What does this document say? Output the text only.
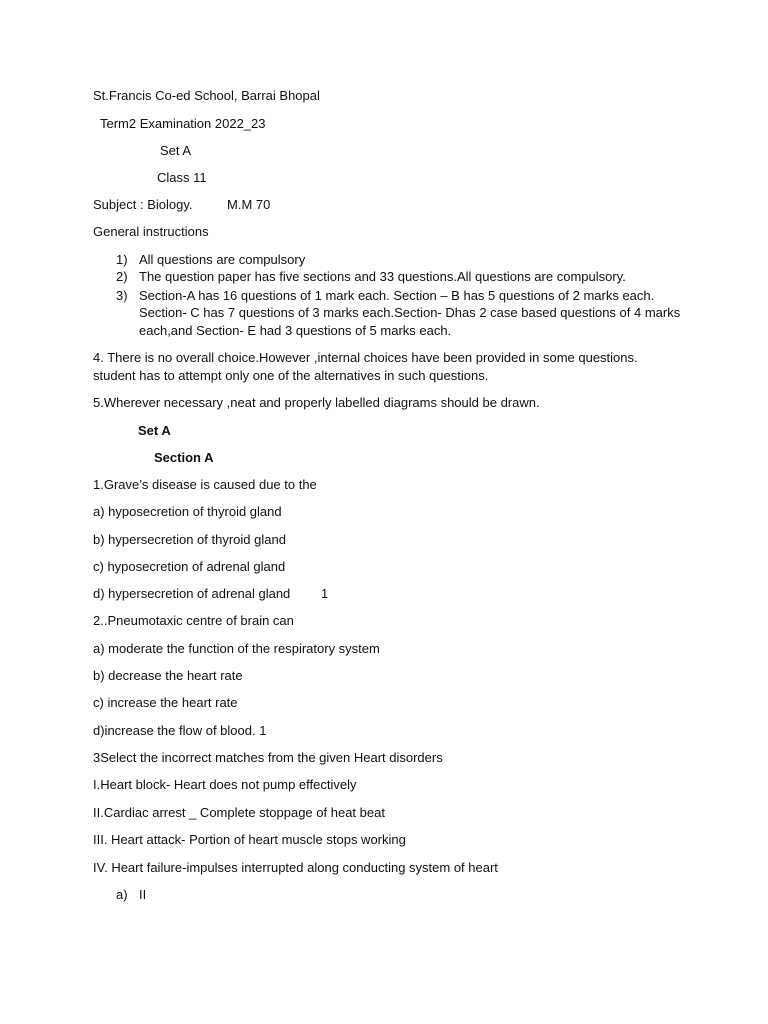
St.Francis Co-ed School, Barrai Bhopal
Term2 Examination 2022_23
Set A
Class 11
Subject : Biology.	M.M 70
General instructions
1) All questions are compulsory
2) The question paper has five sections and 33 questions.All questions are compulsory.
3) Section-A has 16 questions of 1 mark each. Section – B has 5 questions of 2 marks each.
Section- C has 7 questions of 3 marks each.Section- Dhas 2 case based questions of 4 marks
each,and Section- E had 3 questions of 5 marks each.
4. There is no overall choice.However ,internal choices have been provided in some questions.
student has to attempt only one of the alternatives in such questions.
5.Wherever necessary ,neat and properly labelled diagrams should be drawn.
Set A
Section A
1.Grave’s disease is caused due to the
a) hyposecretion of thyroid gland
b) hypersecretion of thyroid gland
c) hyposecretion of adrenal gland
d) hypersecretion of adrenal gland 1
2..Pneumotaxic centre of brain can
a) moderate the function of the respiratory system
b) decrease the heart rate
c) increase the heart rate
d)increase the flow of blood. 1
3Select the incorrect matches from the given Heart disorders
I.Heart block- Heart does not pump effectively
II.Cardiac arrest _ Complete stoppage of heat beat
III. Heart attack- Portion of heart muscle stops working
IV. Heart failure-impulses interrupted along conducting system of heart
a) II
